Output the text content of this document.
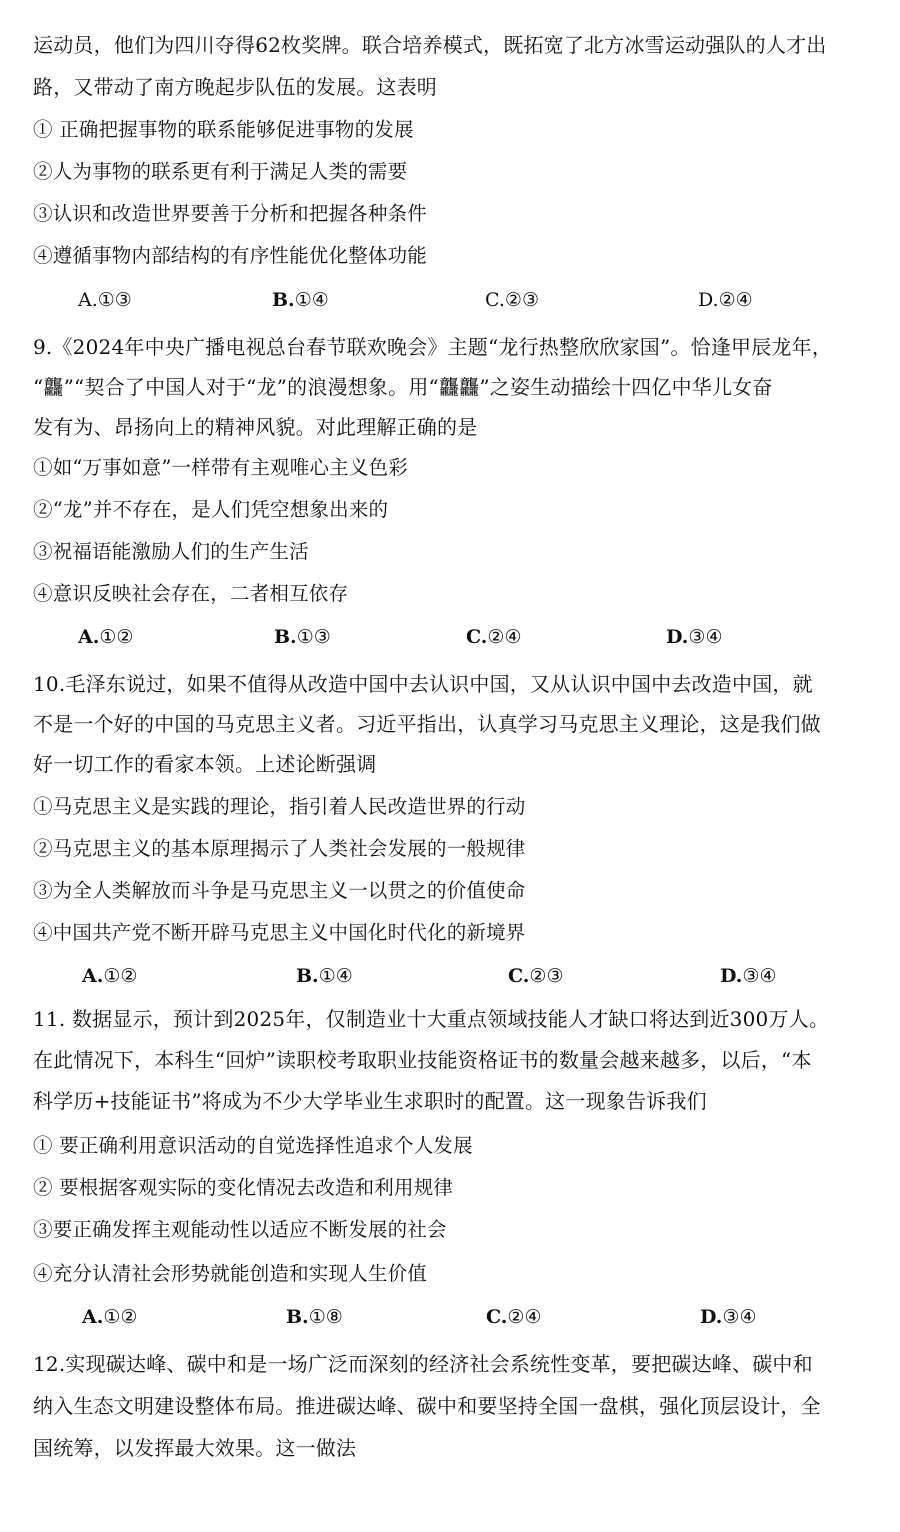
运动员，他们为四川夺得62枚奖牌。联合培养模式，既拓宽了北方冰雪运动强队的人才出
路，又带动了南方晚起步队伍的发展。这表明
① 正确把握事物的联系能够促进事物的发展
②人为事物的联系更有利于满足人类的需要
③认识和改造世界要善于分析和把握各种条件
④遵循事物内部结构的有序性能优化整体功能
A.①③	B.①④	C.②③	D.②④
9.《2024年中央广播电视总台春节联欢晚会》主题“龙行热整欣欣家国”。恰逢甲辰龙年，
“龘”“契合了中国人对于“龙”的浪漫想象。用“龘龘”之姿生动描绘十四亿中华儿女奋
发有为、昂扬向上的精神风貌。对此理解正确的是
①如“万事如意”一样带有主观唯心主义色彩
②“龙”并不存在，是人们凭空想象出来的
③祝福语能激励人们的生产生活
④意识反映社会存在，二者相互依存
A.①②	B.①③	C.②④	D.③④
10.毛泽东说过，如果不值得从改造中国中去认识中国，又从认识中国中去改造中国，就
不是一个好的中国的马克思主义者。习近平指出，认真学习马克思主义理论，这是我们做
好一切工作的看家本领。上述论断强调
①马克思主义是实践的理论，指引着人民改造世界的行动
②马克思主义的基本原理揭示了人类社会发展的一般规律
③为全人类解放而斗争是马克思主义一以贯之的价值使命
④中国共产党不断开辟马克思主义中国化时代化的新境界
A.①②	B.①④	C.②③	D.③④
11. 数据显示，预计到2025年，仅制造业十大重点领域技能人才缺口将达到近300万人。
在此情况下，本科生“回炉”读职校考取职业技能资格证书的数量会越来越多，以后，“本
科学历+技能证书”将成为不少大学毕业生求职时的配置。这一现象告诉我们
① 要正确利用意识活动的自觉选择性追求个人发展
② 要根据客观实际的变化情况去改造和利用规律
③要正确发挥主观能动性以适应不断发展的社会
④充分认清社会形势就能创造和实现人生价值
A.①②	B.①⑧	C.②④	D.③④
12.实现碳达峰、碳中和是一场广泛而深刻的经济社会系统性变革，要把碳达峰、碳中和
纳入生态文明建设整体布局。推进碳达峰、碳中和要坚持全国一盘棋，强化顶层设计，全
国统筹，以发挥最大效果。这一做法
